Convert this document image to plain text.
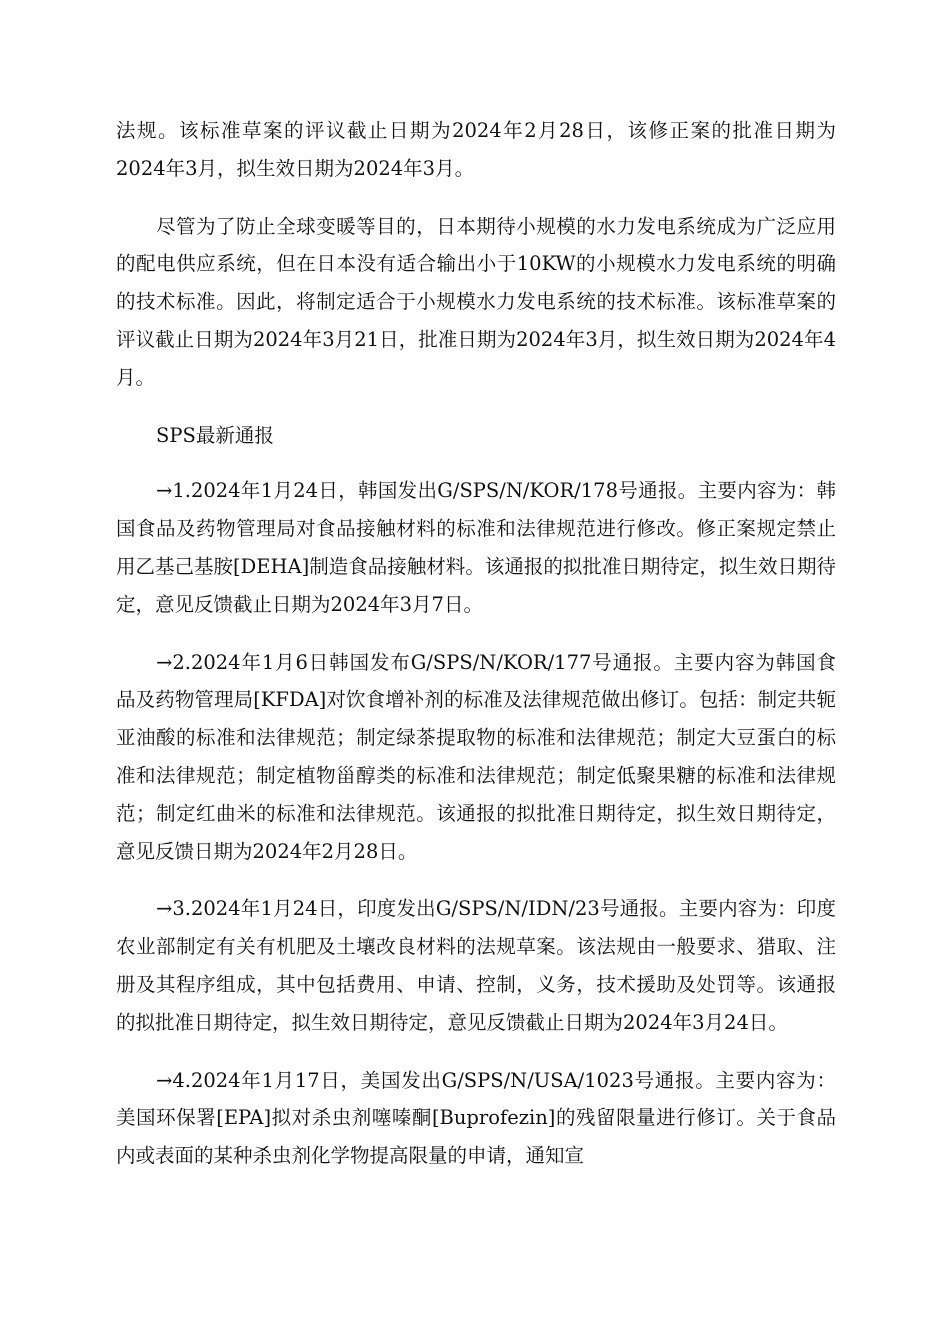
法规。该标准草案的评议截止日期为2024年2月28日，该修正案的批准日期为2024年3月，拟生效日期为2024年3月。

尽管为了防止全球变暖等目的，日本期待小规模的水力发电系统成为广泛应用的配电供应系统，但在日本没有适合输出小于10KW的小规模水力发电系统的明确的技术标准。因此，将制定适合于小规模水力发电系统的技术标准。该标准草案的评议截止日期为2024年3月21日，批准日期为2024年3月，拟生效日期为2024年4月。

SPS最新通报

→1.2024年1月24日，韩国发出G/SPS/N/KOR/178号通报。主要内容为：韩国食品及药物管理局对食品接触材料的标准和法律规范进行修改。修正案规定禁止用乙基己基胺[DEHA]制造食品接触材料。该通报的拟批准日期待定，拟生效日期待定，意见反馈截止日期为2024年3月7日。

→2.2024年1月6日韩国发布G/SPS/N/KOR/177号通报。主要内容为韩国食品及药物管理局[KFDA]对饮食增补剂的标准及法律规范做出修订。包括：制定共轭亚油酸的标准和法律规范；制定绿茶提取物的标准和法律规范；制定大豆蛋白的标准和法律规范；制定植物甾醇类的标准和法律规范；制定低聚果糖的标准和法律规范；制定红曲米的标准和法律规范。该通报的拟批准日期待定，拟生效日期待定，意见反馈日期为2024年2月28日。

→3.2024年1月24日，印度发出G/SPS/N/IDN/23号通报。主要内容为：印度农业部制定有关有机肥及土壤改良材料的法规草案。该法规由一般要求、猎取、注册及其程序组成，其中包括费用、申请、控制，义务，技术援助及处罚等。该通报的拟批准日期待定，拟生效日期待定，意见反馈截止日期为2024年3月24日。

→4.2024年1月17日，美国发出G/SPS/N/USA/1023号通报。主要内容为：美国环保署[EPA]拟对杀虫剂噻嗪酮[Buprofezin]的残留限量进行修订。关于食品内或表面的某种杀虫剂化学物提高限量的申请，通知宣
